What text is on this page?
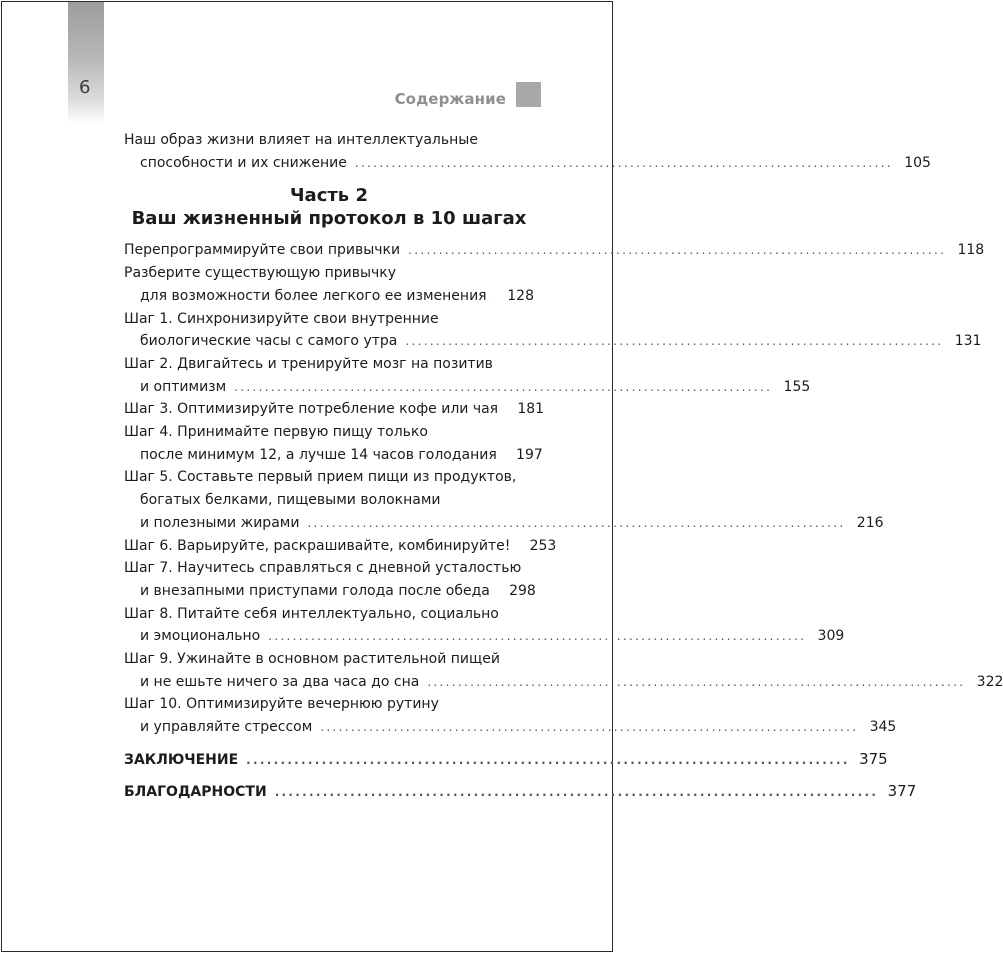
6
Содержание
Наш образ жизни влияет на интеллектуальные
способности и их снижение ........................................................................................ 105
Часть 2
Ваш жизненный протокол в 10 шагах
Перепрограммируйте свои привычки ........................................................................................ 118
Разберите существующую привычку
для возможности более легкого ее изменения	128
Шаг 1. Синхронизируйте свои внутренние
биологические часы с самого утра ........................................................................................ 131
Шаг 2. Двигайтесь и тренируйте мозг на позитив
и оптимизм ........................................................................................ 155
Шаг 3. Оптимизируйте потребление кофе или чая	181
Шаг 4. Принимайте первую пищу только
после минимум 12, а лучше 14 часов голодания	197
Шаг 5. Составьте первый прием пищи из продуктов,
богатых белками, пищевыми волокнами
и полезными жирами ........................................................................................ 216
Шаг 6. Варьируйте, раскрашивайте, комбинируйте!	253
Шаг 7. Научитесь справляться с дневной усталостью
и внезапными приступами голода после обеда	298
Шаг 8. Питайте себя интеллектуально, социально
и эмоционально ........................................................................................ 309
Шаг 9. Ужинайте в основном растительной пищей
и не ешьте ничего за два часа до сна ........................................................................................ 322
Шаг 10. Оптимизируйте вечернюю рутину
и управляйте стрессом ........................................................................................ 345
ЗАКЛЮЧЕНИЕ ........................................................................................ 375
БЛАГОДАРНОСТИ ........................................................................................ 377
